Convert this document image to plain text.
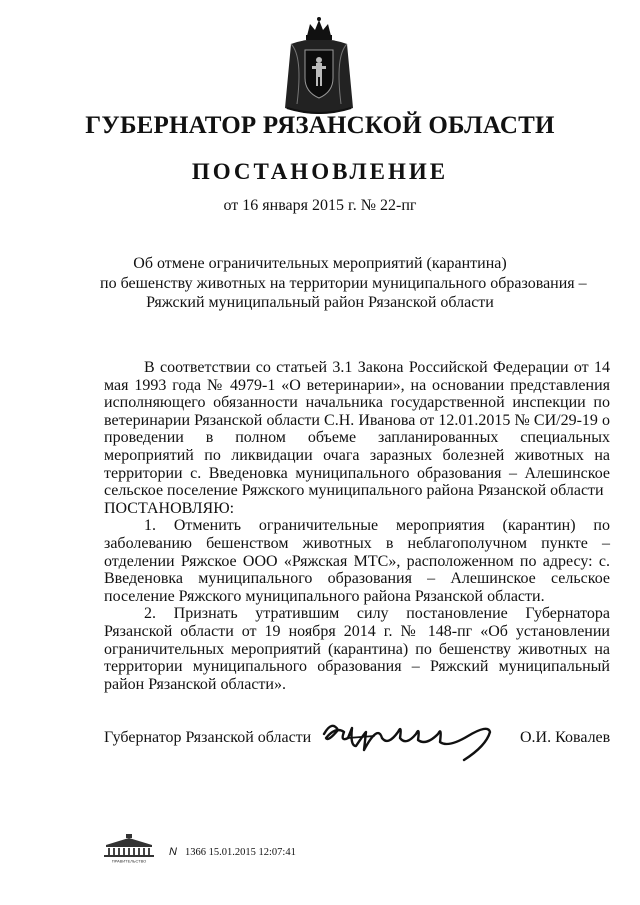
ГУБЕРНАТОР РЯЗАНСКОЙ ОБЛАСТИ
ПОСТАНОВЛЕНИЕ
от 16 января 2015 г. № 22-пг
Об отмене ограничительных мероприятий (карантина)
по бешенству животных на территории муниципального образования –
Ряжский муниципальный район Рязанской области

В соответствии со статьей 3.1 Закона Российской Федерации от 14 мая 1993 года № 4979-1 «О ветеринарии», на основании представления исполняющего обязанности начальника государственной инспекции по ветеринарии Рязанской области С.Н. Иванова от 12.01.2015 № СИ/29-19 о проведении в полном объеме запланированных специальных мероприятий по ликвидации очага заразных болезней животных на территории с. Введеновка муниципального образования – Алешинское сельское поселение Ряжского муниципального района Рязанской области

ПОСТАНОВЛЯЮ:

1. Отменить ограничительные мероприятия (карантин) по заболеванию бешенством животных в неблагополучном пункте – отделении Ряжское ООО «Ряжская МТС», расположенном по адресу: с. Введеновка муниципального образования – Алешинское сельское поселение Ряжского муниципального района Рязанской области.

2. Признать утратившим силу постановление Губернатора Рязанской области от 19 ноября 2014 г. № 148-пг «Об установлении ограничительных мероприятий (карантина) по бешенству животных на территории муниципального образования – Ряжский муниципальный район Рязанской области».

Губернатор Рязанской области	О.И. Ковалев
ПРАВИТЕЛЬСТВО
N 1366 15.01.2015 12:07:41
